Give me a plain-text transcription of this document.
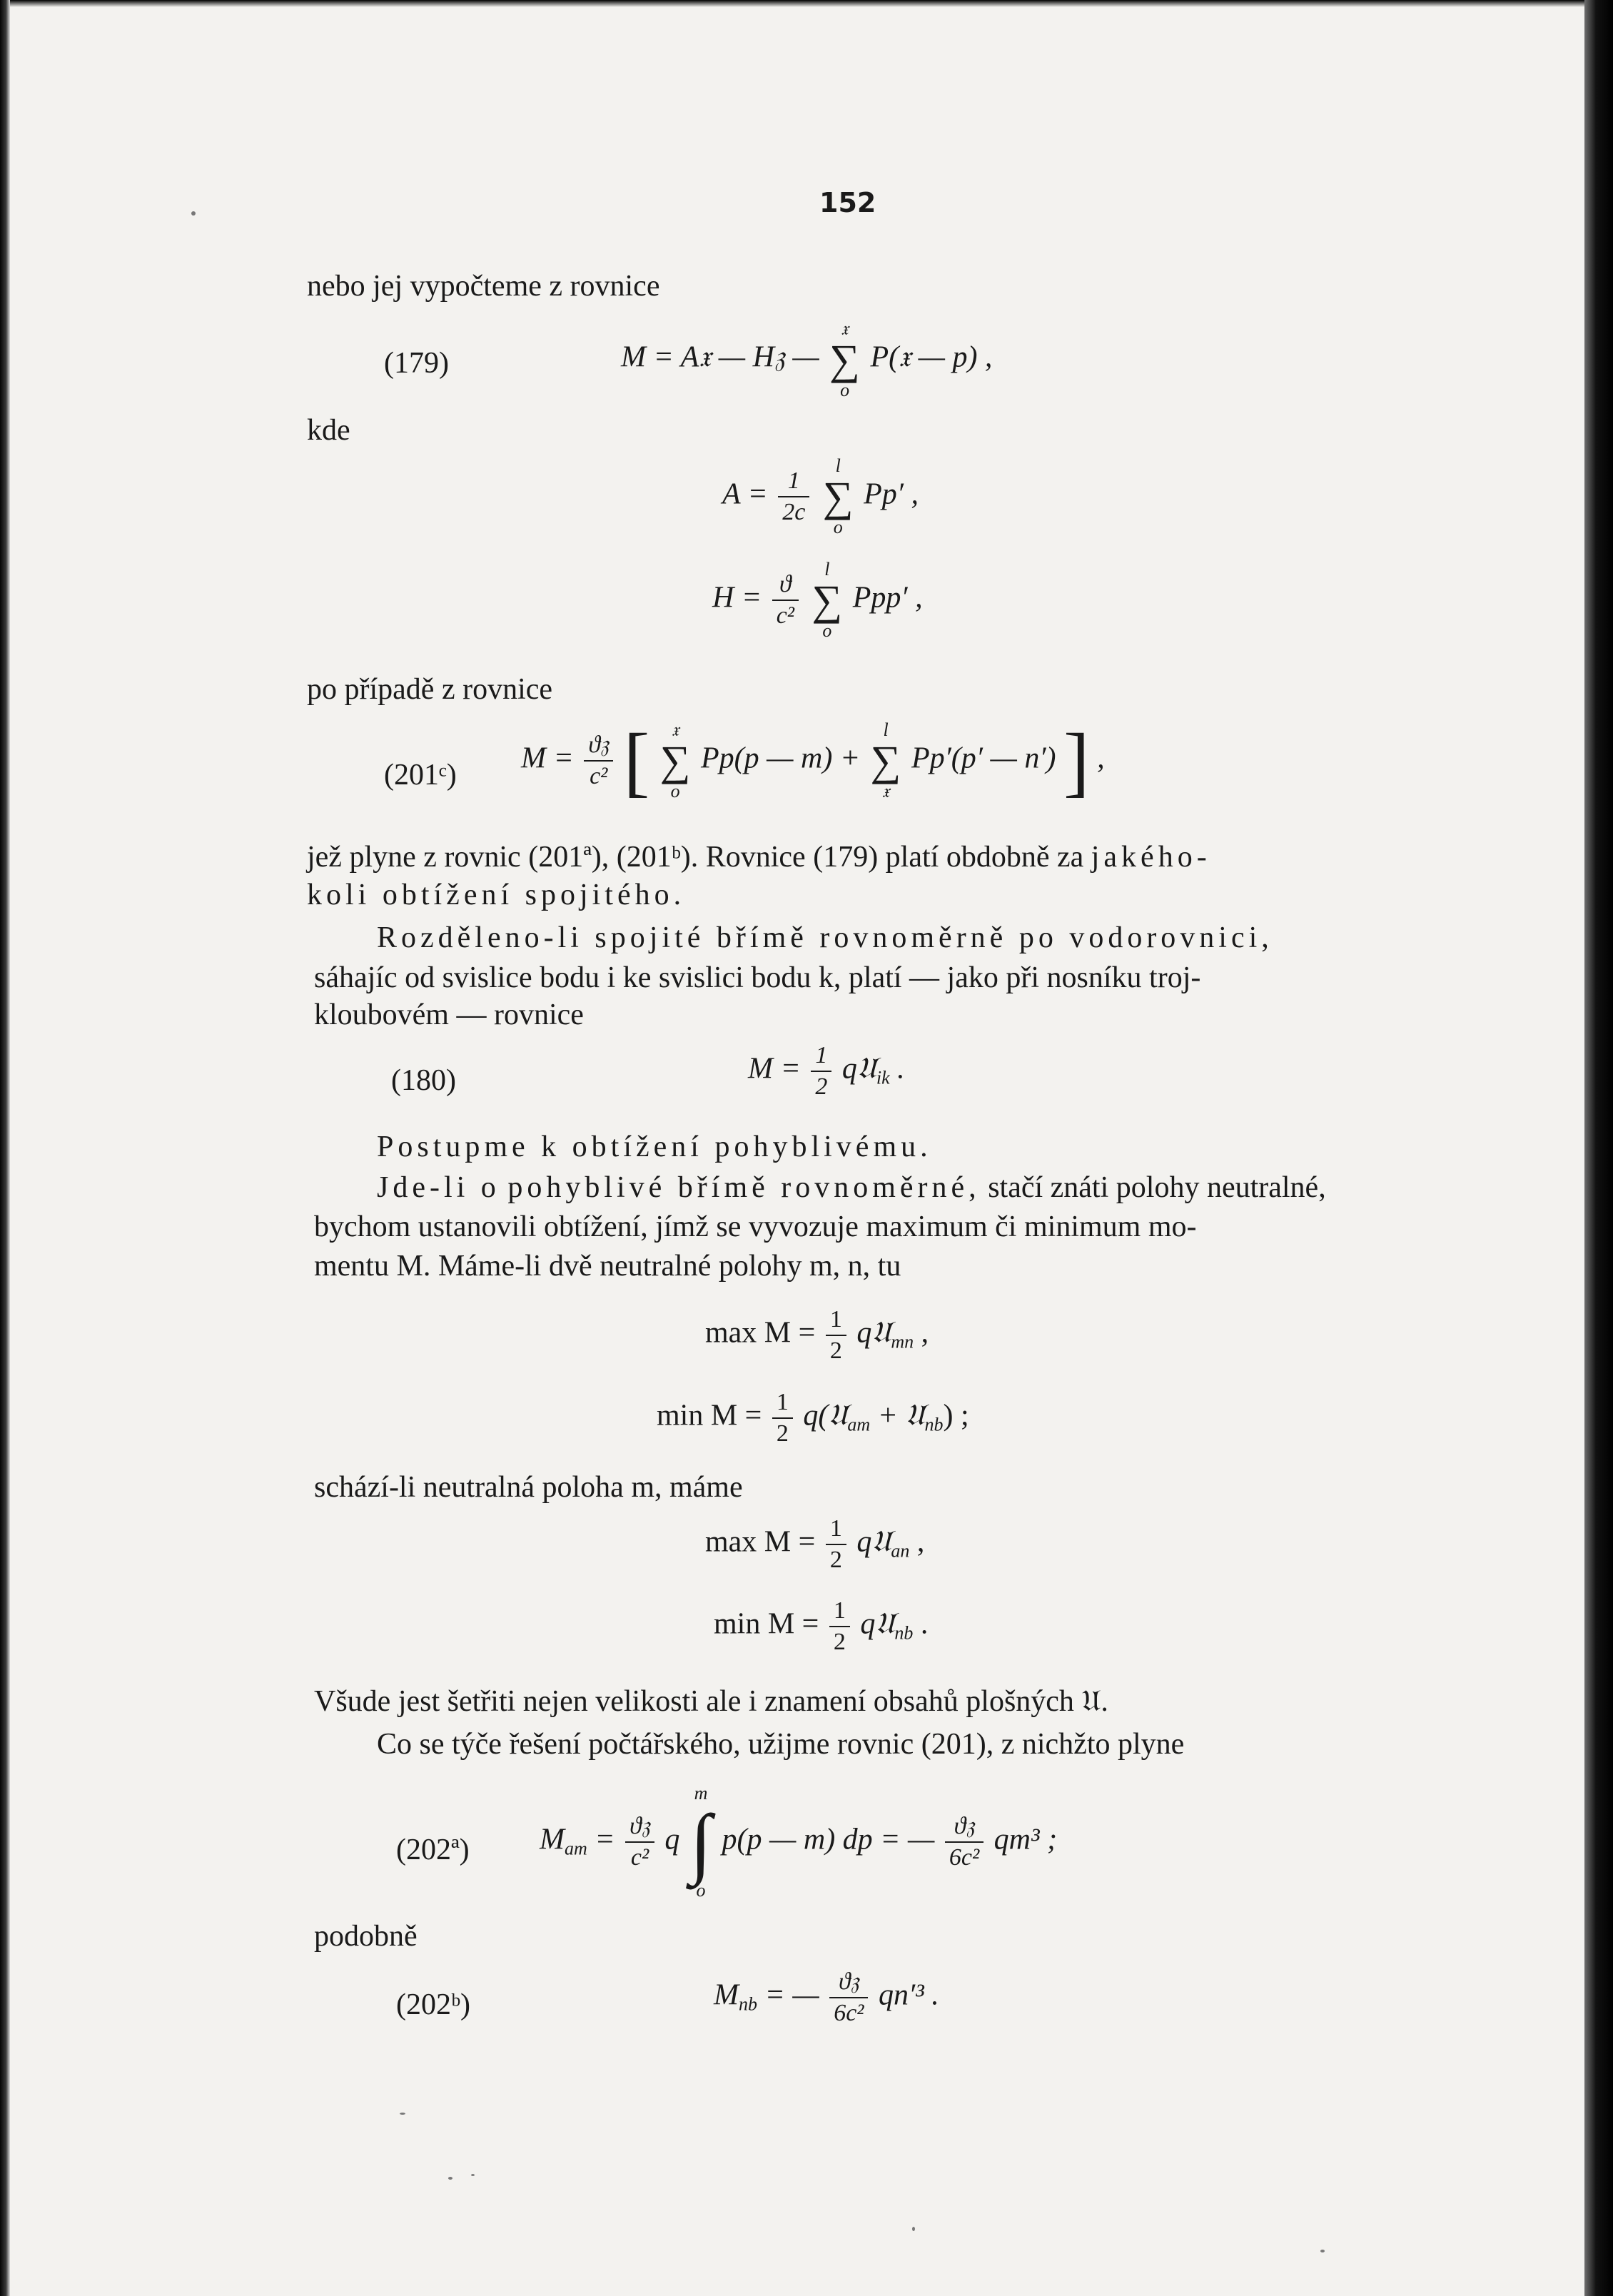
152
nebo jej vypočteme z rovnice
(179)	M = A𝔵 — H𝔷 —
𝔵
∑
o
P(𝔵 — p) ,
kde
$A = \frac{1}{2c}$

l
∑
o
Pp′ ,
$H = \frac{ϑ}{\text{c²}}$

l
∑
o
Ppp′ ,
po případě z rovnice
(201ᶜ)
$M = \frac{\text{ϑ𝔷}}{\text{c²}}$ [	𝔵
∑
o
Pp(p — m) +
l
∑
𝔵
Pp′(p′ — n′) ] ,
jež plyne z rovnic (201ª), (201ᵇ). Rovnice (179) platí obdobně za jakého-
koli obtížení spojitého.
Rozděleno-li spojité břímě rovnoměrně po vodorovnici,
sáhajíc od svislice bodu i ke svislici bodu k, platí — jako při nosníku troj-
kloubovém — rovnice
(180)	$M = \frac{1}{2}$ q𝔘$_{ik}$ .
Postupme k obtížení pohyblivému.
Jde-li o pohyblivé břímě rovnoměrné, stačí znáti polohy neutralné,
bychom ustanovili obtížení, jímž se vyvozuje maximum či minimum mo-
mentu M. Máme-li dvě neutralné polohy m, n, tu
$\max M = \frac{1}{2}$ q𝔘$_{mn}$ ,
$\min M = \frac{1}{2}$ q(𝔘$_{am}$ + 𝔘$_{nb}$) ;
schází-li neutralná poloha m, máme
$\max M = \frac{1}{2}$ q𝔘$_{an}$ ,
$\min M = \frac{1}{2}$ q𝔘$_{nb}$ .
Všude jest šetřiti nejen velikosti ale i znamení obsahů plošných 𝔘.
Co se týče řešení počtářského, užijme rovnic (201), z nichžto plyne
(202ª) $M_{am} = \frac{\text{ϑ𝔷}}{\text{c²}}$ q
m
∫
o
p(p — m) dp = — $\frac{\text{ϑ𝔷}}{\text{6c²}} qm^3$ ;
podobně
(202ᵇ)	$M_{nb}$ = — $\frac{\text{ϑ𝔷}}{\text{6c²}} qn'^3$ .
